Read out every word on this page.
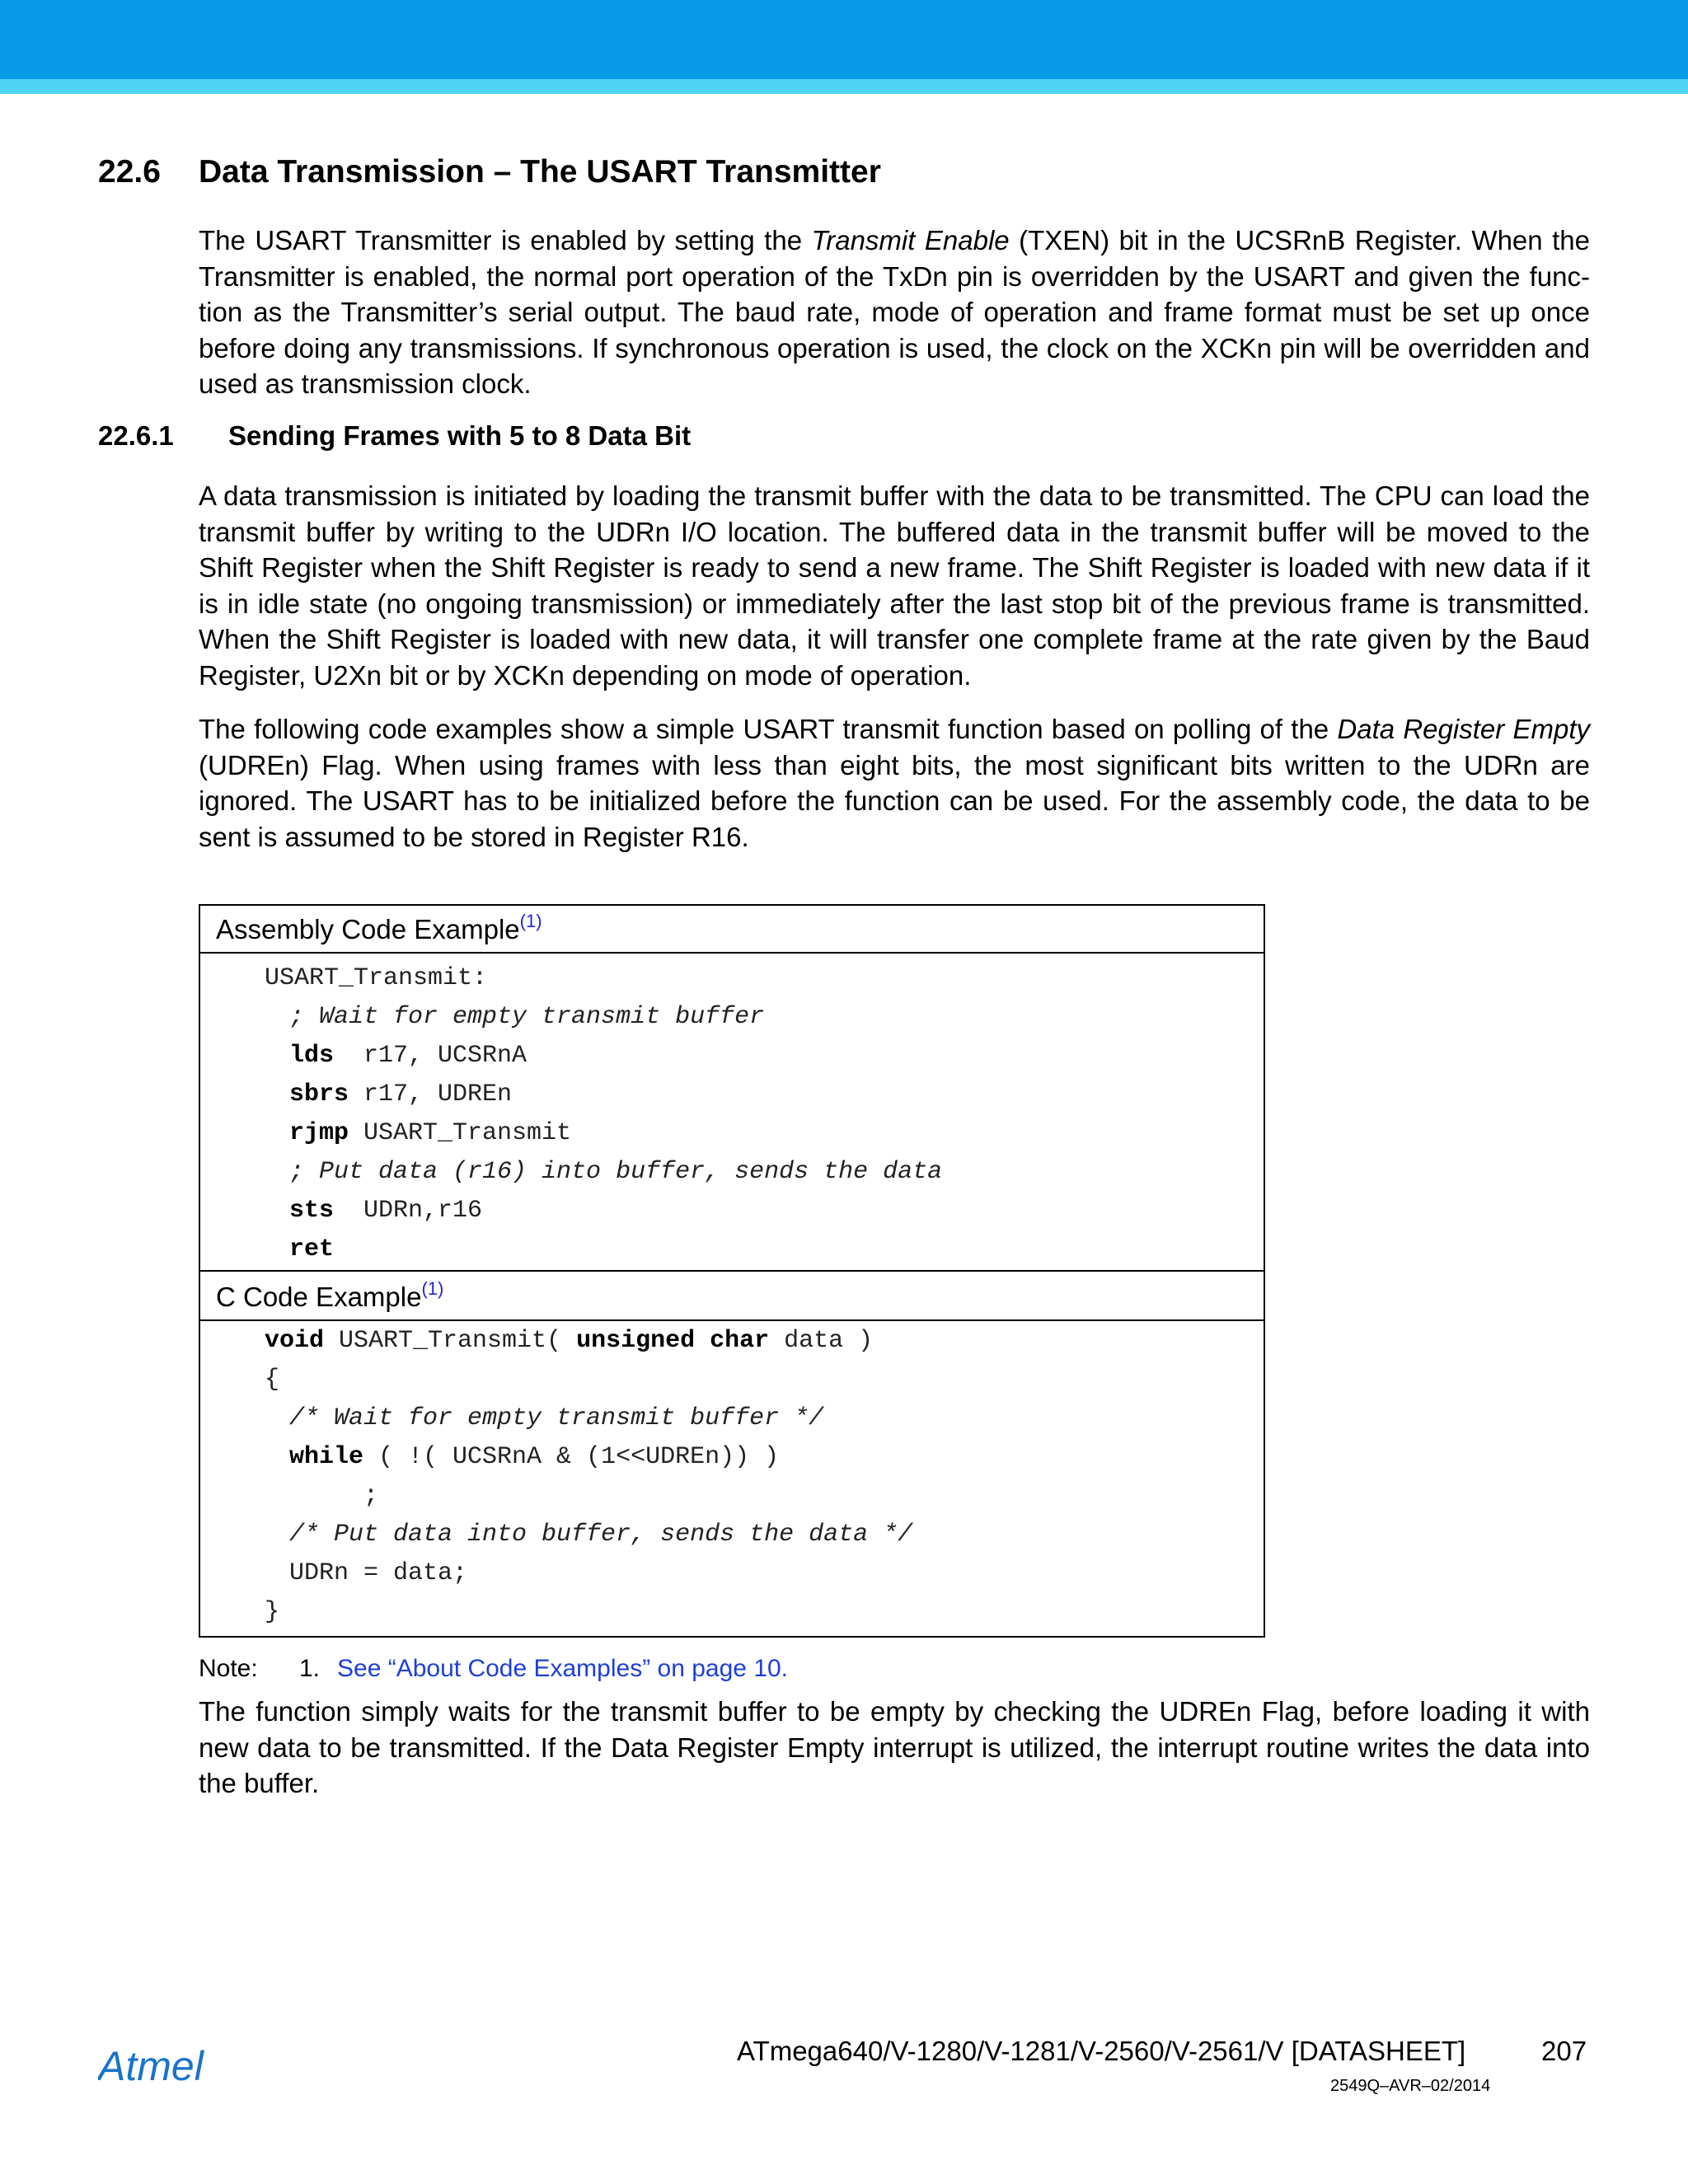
22.6 Data Transmission – The USART Transmitter

The USART Transmitter is enabled by setting the Transmit Enable (TXEN) bit in the UCSRnB Register. When the Transmitter is enabled, the normal port operation of the TxDn pin is overridden by the USART and given the function as the Transmitter’s serial output. The baud rate, mode of operation and frame format must be set up once before doing any transmissions. If synchronous operation is used, the clock on the XCKn pin will be overridden and used as transmission clock.

22.6.1 Sending Frames with 5 to 8 Data Bit

A data transmission is initiated by loading the transmit buffer with the data to be transmitted. The CPU can load the transmit buffer by writing to the UDRn I/O location. The buffered data in the transmit buffer will be moved to the Shift Register when the Shift Register is ready to send a new frame. The Shift Register is loaded with new data if it is in idle state (no ongoing transmission) or immediately after the last stop bit of the previous frame is transmitted. When the Shift Register is loaded with new data, it will transfer one complete frame at the rate given by the Baud Register, U2Xn bit or by XCKn depending on mode of operation.

The following code examples show a simple USART transmit function based on polling of the Data Register Empty (UDREn) Flag. When using frames with less than eight bits, the most significant bits written to the UDRn are ignored. The USART has to be initialized before the function can be used. For the assembly code, the data to be sent is assumed to be stored in Register R16.

Assembly Code Example$^{(1)}$
USART_Transmit:
; Wait for empty transmit buffer
lds  r17, UCSRnA
sbrs r17, UDREn
rjmp USART_Transmit
; Put data (r16) into buffer, sends the data
sts  UDRn,r16
ret
C Code Example$^{(1)}$
void USART_Transmit( unsigned char data )
{
/* Wait for empty transmit buffer */
while ( !( UCSRnA & (1<<UDREn)) )
;
/* Put data into buffer, sends the data */
UDRn = data;
}
Note: 1. See “About Code Examples” on page 10.

The function simply waits for the transmit buffer to be empty by checking the UDREn Flag, before loading it with new data to be transmitted. If the Data Register Empty interrupt is utilized, the interrupt routine writes the data into the buffer.

Atmel	ATmega640/V-1280/V-1281/V-2560/V-2561/V [DATASHEET]	207
2549Q–AVR–02/2014
